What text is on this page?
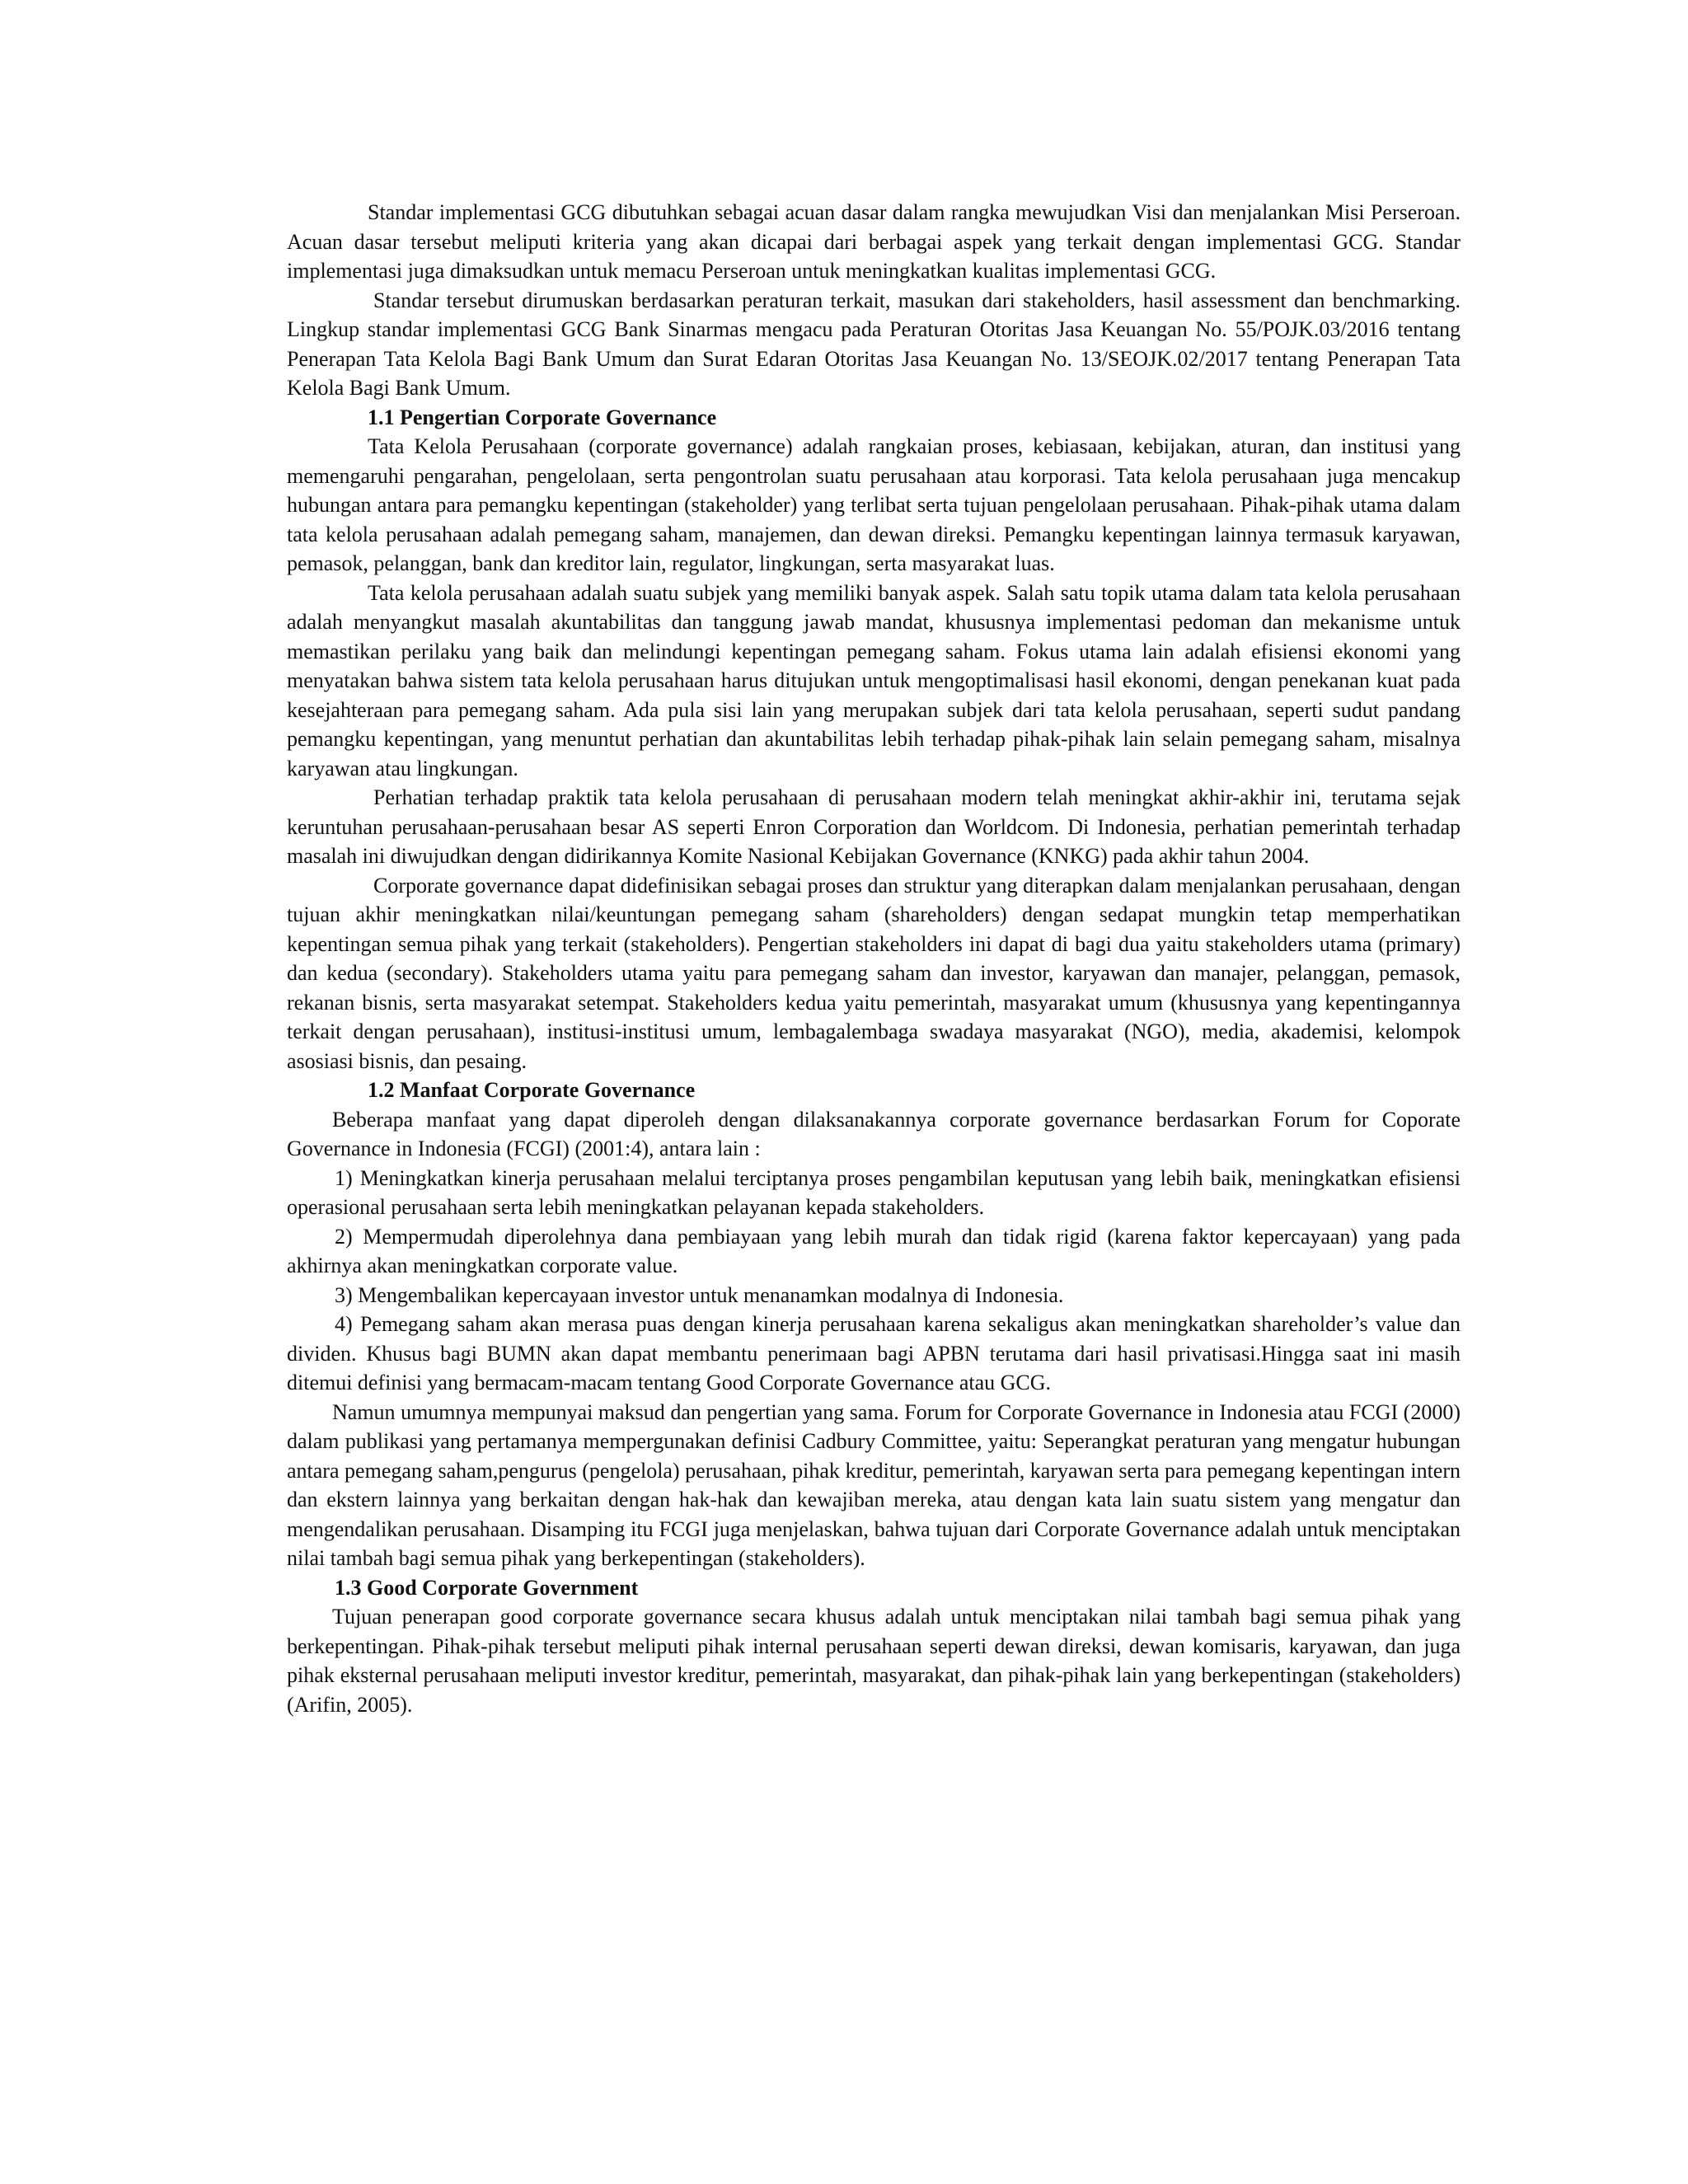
Standar implementasi GCG dibutuhkan sebagai acuan dasar dalam rangka mewujudkan Visi dan menjalankan Misi Perseroan. Acuan dasar tersebut meliputi kriteria yang akan dicapai dari berbagai aspek yang terkait dengan implementasi GCG. Standar implementasi juga dimaksudkan untuk memacu Perseroan untuk meningkatkan kualitas implementasi GCG.

Standar tersebut dirumuskan berdasarkan peraturan terkait, masukan dari stakeholders, hasil assessment dan benchmarking. Lingkup standar implementasi GCG Bank Sinarmas mengacu pada Peraturan Otoritas Jasa Keuangan No. 55/POJK.03/2016 tentang Penerapan Tata Kelola Bagi Bank Umum dan Surat Edaran Otoritas Jasa Keuangan No. 13/SEOJK.02/2017 tentang Penerapan Tata Kelola Bagi Bank Umum.

1.1 Pengertian Corporate Governance

Tata Kelola Perusahaan (corporate governance) adalah rangkaian proses, kebiasaan, kebijakan, aturan, dan institusi yang memengaruhi pengarahan, pengelolaan, serta pengontrolan suatu perusahaan atau korporasi. Tata kelola perusahaan juga mencakup hubungan antara para pemangku kepentingan (stakeholder) yang terlibat serta tujuan pengelolaan perusahaan. Pihak-pihak utama dalam tata kelola perusahaan adalah pemegang saham, manajemen, dan dewan direksi. Pemangku kepentingan lainnya termasuk karyawan, pemasok, pelanggan, bank dan kreditor lain, regulator, lingkungan, serta masyarakat luas.

Tata kelola perusahaan adalah suatu subjek yang memiliki banyak aspek. Salah satu topik utama dalam tata kelola perusahaan adalah menyangkut masalah akuntabilitas dan tanggung jawab mandat, khususnya implementasi pedoman dan mekanisme untuk memastikan perilaku yang baik dan melindungi kepentingan pemegang saham. Fokus utama lain adalah efisiensi ekonomi yang menyatakan bahwa sistem tata kelola perusahaan harus ditujukan untuk mengoptimalisasi hasil ekonomi, dengan penekanan kuat pada kesejahteraan para pemegang saham. Ada pula sisi lain yang merupakan subjek dari tata kelola perusahaan, seperti sudut pandang pemangku kepentingan, yang menuntut perhatian dan akuntabilitas lebih terhadap pihak-pihak lain selain pemegang saham, misalnya karyawan atau lingkungan.

Perhatian terhadap praktik tata kelola perusahaan di perusahaan modern telah meningkat akhir-akhir ini, terutama sejak keruntuhan perusahaan-perusahaan besar AS seperti Enron Corporation dan Worldcom. Di Indonesia, perhatian pemerintah terhadap masalah ini diwujudkan dengan didirikannya Komite Nasional Kebijakan Governance (KNKG) pada akhir tahun 2004.

Corporate governance dapat didefinisikan sebagai proses dan struktur yang diterapkan dalam menjalankan perusahaan, dengan tujuan akhir meningkatkan nilai/keuntungan pemegang saham (shareholders) dengan sedapat mungkin tetap memperhatikan kepentingan semua pihak yang terkait (stakeholders). Pengertian stakeholders ini dapat di bagi dua yaitu stakeholders utama (primary) dan kedua (secondary). Stakeholders utama yaitu para pemegang saham dan investor, karyawan dan manajer, pelanggan, pemasok, rekanan bisnis, serta masyarakat setempat. Stakeholders kedua yaitu pemerintah, masyarakat umum (khususnya yang kepentingannya terkait dengan perusahaan), institusi-institusi umum, lembagalembaga swadaya masyarakat (NGO), media, akademisi, kelompok asosiasi bisnis, dan pesaing.

1.2 Manfaat Corporate Governance

Beberapa manfaat yang dapat diperoleh dengan dilaksanakannya corporate governance berdasarkan Forum for Coporate Governance in Indonesia (FCGI) (2001:4), antara lain :

1) Meningkatkan kinerja perusahaan melalui terciptanya proses pengambilan keputusan yang lebih baik, meningkatkan efisiensi operasional perusahaan serta lebih meningkatkan pelayanan kepada stakeholders.

2) Mempermudah diperolehnya dana pembiayaan yang lebih murah dan tidak rigid (karena faktor kepercayaan) yang pada akhirnya akan meningkatkan corporate value.

3) Mengembalikan kepercayaan investor untuk menanamkan modalnya di Indonesia.

4) Pemegang saham akan merasa puas dengan kinerja perusahaan karena sekaligus akan meningkatkan shareholder’s value dan dividen. Khusus bagi BUMN akan dapat membantu penerimaan bagi APBN terutama dari hasil privatisasi.Hingga saat ini masih ditemui definisi yang bermacam-macam tentang Good Corporate Governance atau GCG.

Namun umumnya mempunyai maksud dan pengertian yang sama. Forum for Corporate Governance in Indonesia atau FCGI (2000) dalam publikasi yang pertamanya mempergunakan definisi Cadbury Committee, yaitu: Seperangkat peraturan yang mengatur hubungan antara pemegang saham,pengurus (pengelola) perusahaan, pihak kreditur, pemerintah, karyawan serta para pemegang kepentingan intern dan ekstern lainnya yang berkaitan dengan hak-hak dan kewajiban mereka, atau dengan kata lain suatu sistem yang mengatur dan mengendalikan perusahaan. Disamping itu FCGI juga menjelaskan, bahwa tujuan dari Corporate Governance adalah untuk menciptakan nilai tambah bagi semua pihak yang berkepentingan (stakeholders).

1.3 Good Corporate Government

Tujuan penerapan good corporate governance secara khusus adalah untuk menciptakan nilai tambah bagi semua pihak yang berkepentingan. Pihak-pihak tersebut meliputi pihak internal perusahaan seperti dewan direksi, dewan komisaris, karyawan, dan juga pihak eksternal perusahaan meliputi investor kreditur, pemerintah, masyarakat, dan pihak-pihak lain yang berkepentingan (stakeholders) (Arifin, 2005).
